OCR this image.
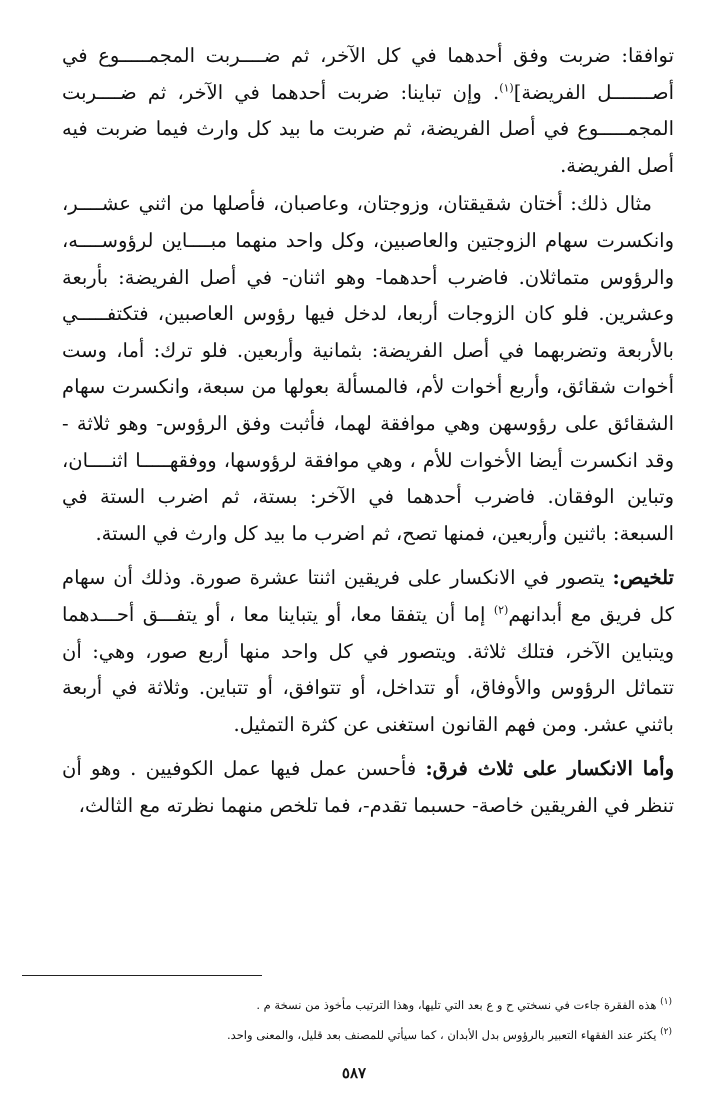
توافقا: ضربت وفق أحدهما في كل الآخر، ثم ضــــربت المجمـــــوع في أصـــــــل الفريضة]$^{(١)}$. وإن تباينا: ضربت أحدهما في الآخر، ثم ضــــربت المجمـــــوع في أصل الفريضة، ثم ضربت ما بيد كل وارث فيما ضربت فيه أصل الفريضة.

مثال ذلك: أختان شقيقتان، وزوجتان، وعاصبان، فأصلها من اثني عشــــر، وانكسرت سهام الزوجتين والعاصبين، وكل واحد منهما مبــــاين لرؤوســــه، والرؤوس متماثلان. فاضرب أحدهما- وهو اثنان- في أصل الفريضة: بأربعة وعشرين. فلو كان الزوجات أربعا، لدخل فيها رؤوس العاصبين، فتكتفـــــي بالأربعة وتضربهما في أصل الفريضة: بثمانية وأربعين. فلو ترك: أما، وست أخوات شقائق، وأربع أخوات لأم، فالمسألة بعولها من سبعة، وانكسرت سهام الشقائق على رؤوسهن وهي موافقة لهما، فأثبت وفق الرؤوس- وهو ثلاثة - وقد انكسرت أيضا الأخوات للأم ، وهي موافقة لرؤوسها، ووفقهـــــا اثنــــان، وتباين الوفقان. فاضرب أحدهما في الآخر: بستة، ثم اضرب الستة في السبعة: باثنين وأربعين، فمنها تصح، ثم اضرب ما بيد كل وارث في الستة.

تلخيص: يتصور في الانكسار على فريقين اثنتا عشرة صورة. وذلك أن سهام كل فريق مع أبدانهم$^{(٢)}$ إما أن يتفقا معا، أو يتباينا معا ، أو يتفـــق أحـــدهما ويتباين الآخر، فتلك ثلاثة. ويتصور في كل واحد منها أربع صور، وهي: أن تتماثل الرؤوس والأوفاق، أو تتداخل، أو تتوافق، أو تتباين. وثلاثة في أربعة باثني عشر. ومن فهم القانون استغنى عن كثرة التمثيل.

وأما الانكسار على ثلاث فرق: فأحسن عمل فيها عمل الكوفيين . وهو أن تنظر في الفريقين خاصة- حسبما تقدم-، فما تلخص منهما نظرته مع الثالث،

$^{(١)}$ هذه الفقرة جاءت في نسختي ح و ع بعد التي تليها، وهذا الترتيب مأخوذ من نسخة م .

$^{(٢)}$ يكثر عند الفقهاء التعبير بالرؤوس بدل الأبدان ، كما سيأتي للمصنف بعد قليل، والمعنى واحد.

٥٨٧
